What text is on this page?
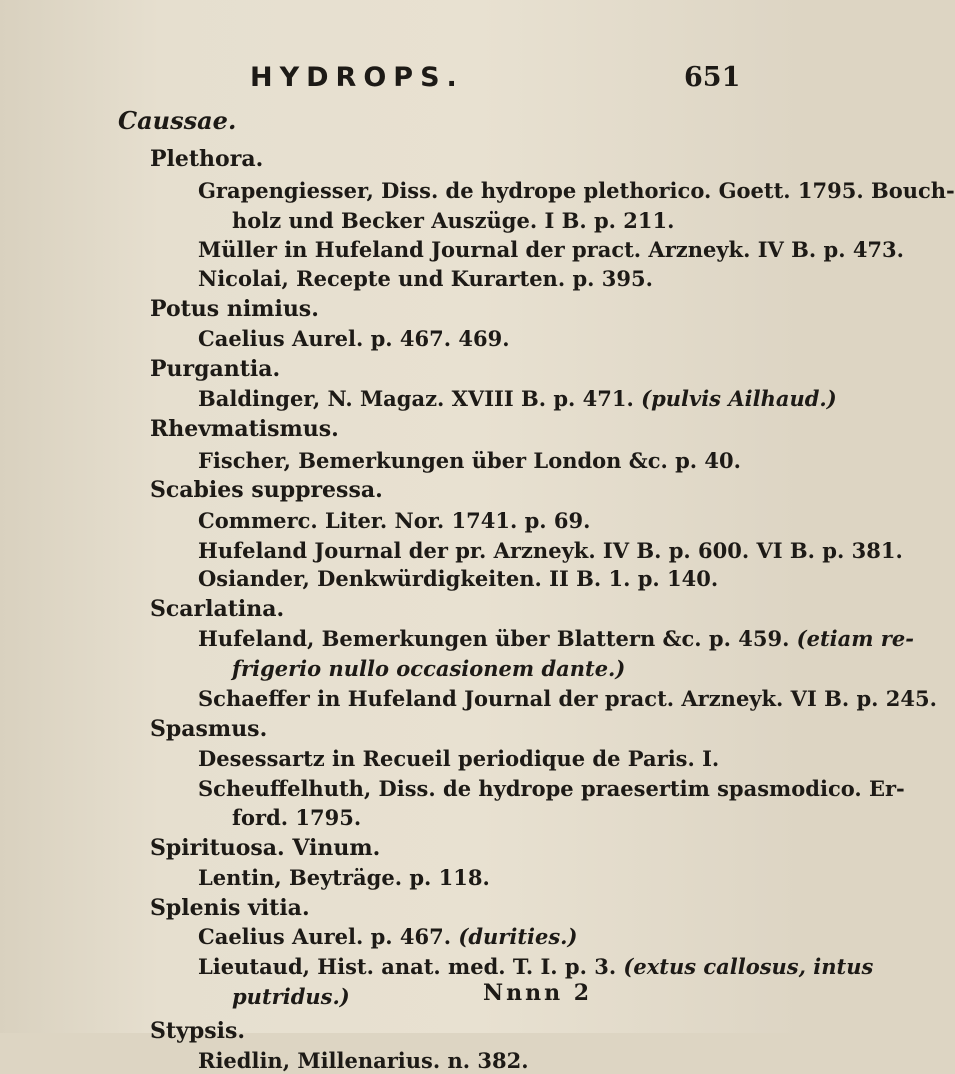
HYDROPS.	651
Caussae.
Plethora.
Grapengiesser, Diss. de hydrope plethorico. Goett. 1795. Bouch-
holz und Becker Auszüge. I B. p. 211.
Müller in Hufeland Journal der pract. Arzneyk. IV B. p. 473.
Nicolai, Recepte und Kurarten. p. 395.
Potus nimius.
Caelius Aurel. p. 467. 469.
Purgantia.
Baldinger, N. Magaz. XVIII B. p. 471. (pulvis Ailhaud.)
Rhevmatismus.
Fischer, Bemerkungen über London &c. p. 40.
Scabies suppressa.
Commerc. Liter. Nor. 1741. p. 69.
Hufeland Journal der pr. Arzneyk. IV B. p. 600. VI B. p. 381.
Osiander, Denkwürdigkeiten. II B. 1. p. 140.
Scarlatina.
Hufeland, Bemerkungen über Blattern &c. p. 459. (etiam re-
frigerio nullo occasionem dante.)
Schaeffer in Hufeland Journal der pract. Arzneyk. VI B. p. 245.
Spasmus.
Desessartz in Recueil periodique de Paris. I.
Scheuffelhuth, Diss. de hydrope praesertim spasmodico. Er-
ford. 1795.
Spirituosa. Vinum.
Lentin, Beyträge. p. 118.
Splenis vitia.
Caelius Aurel. p. 467. (durities.)
Lieutaud, Hist. anat. med. T. I. p. 3. (extus callosus, intus
putridus.)
Stypsis.
Riedlin, Millenarius. n. 382.
Nnnn 2
